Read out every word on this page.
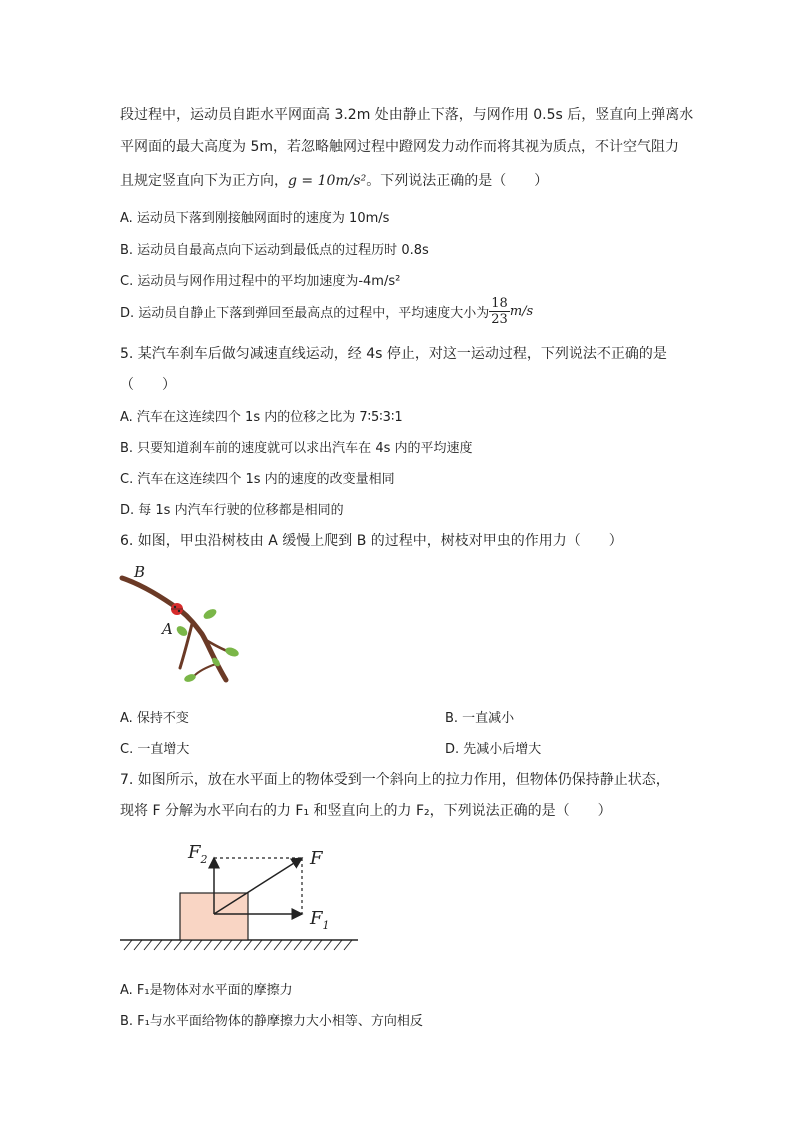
段过程中，运动员自距水平网面高 3.2m 处由静止下落，与网作用 0.5s 后，竖直向上弹离水
平网面的最大高度为 5m，若忽略触网过程中蹬网发力动作而将其视为质点，不计空气阻力
且规定竖直向下为正方向，g = 10m/s²。下列说法正确的是（　　）
A. 运动员下落到刚接触网面时的速度为 10m/s
B. 运动员自最高点向下运动到最低点的过程历时 0.8s
C. 运动员与网作用过程中的平均加速度为-4m/s²
D. 运动员自静止下落到弹回至最高点的过程中，平均速度大小为 $\frac{18}{23} m/s$
5. 某汽车刹车后做匀减速直线运动，经 4s 停止，对这一运动过程，下列说法不正确的是
（　　）
A. 汽车在这连续四个 1s 内的位移之比为 7∶5∶3∶1
B. 只要知道刹车前的速度就可以求出汽车在 4s 内的平均速度
C. 汽车在这连续四个 1s 内的速度的改变量相同
D. 每 1s 内汽车行驶的位移都是相同的
6. 如图，甲虫沿树枝由 A 缓慢上爬到 B 的过程中，树枝对甲虫的作用力（　　）
B
A
A. 保持不变	B. 一直减小
C. 一直增大	D. 先减小后增大
7. 如图所示，放在水平面上的物体受到一个斜向上的拉力作用，但物体仍保持静止状态，
现将 F 分解为水平向右的力 F₁ 和竖直向上的力 F₂，下列说法正确的是（　　）
$F_2$	F
$F_1$
A. F₁是物体对水平面的摩擦力
B. F₁与水平面给物体的静摩擦力大小相等、方向相反
